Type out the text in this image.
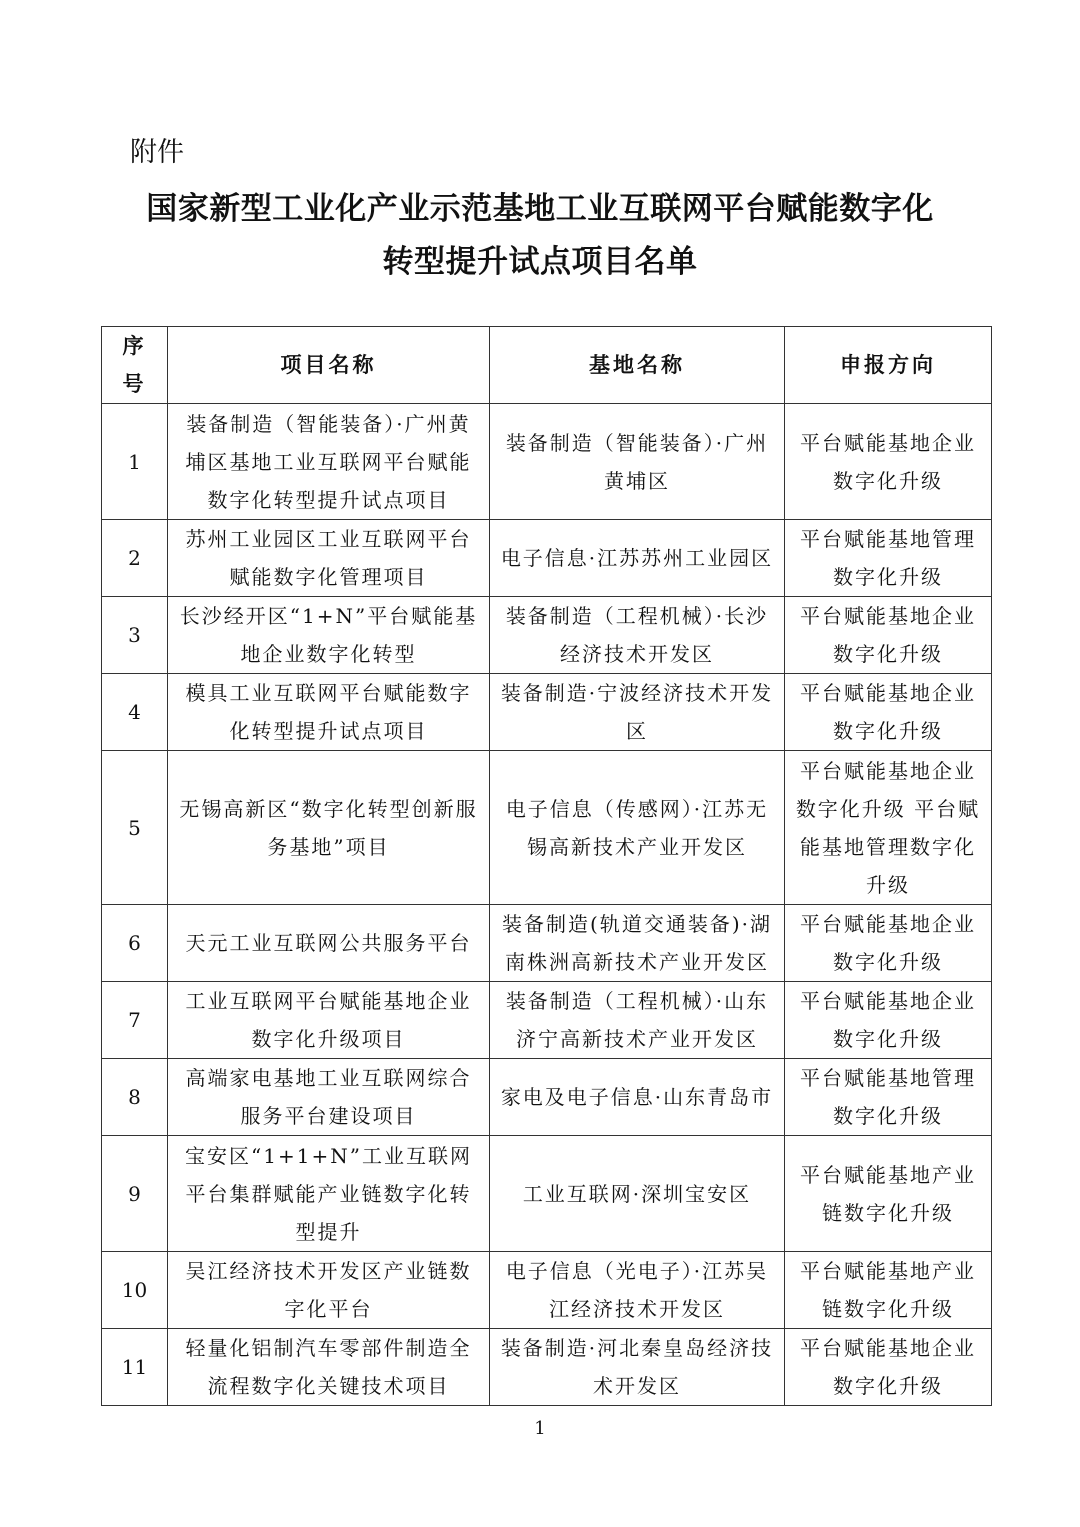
附件
国家新型工业化产业示范基地工业互联网平台赋能数字化
转型提升试点项目名单
序号	项目名称	基地名称	申报方向
1	装备制造（智能装备）·广州黄埔区基地工业互联网平台赋能数字化转型提升试点项目	装备制造（智能装备）·广州黄埔区	平台赋能基地企业数字化升级
2	苏州工业园区工业互联网平台赋能数字化管理项目	电子信息·江苏苏州工业园区	平台赋能基地管理数字化升级
3	长沙经开区“1+N”平台赋能基地企业数字化转型	装备制造（工程机械）·长沙经济技术开发区	平台赋能基地企业数字化升级
4	模具工业互联网平台赋能数字化转型提升试点项目	装备制造·宁波经济技术开发区	平台赋能基地企业数字化升级
5	无锡高新区“数字化转型创新服务基地”项目	电子信息（传感网）·江苏无锡高新技术产业开发区	平台赋能基地企业数字化升级 平台赋能基地管理数字化升级
6	天元工业互联网公共服务平台	装备制造(轨道交通装备)·湖南株洲高新技术产业开发区	平台赋能基地企业数字化升级
7	工业互联网平台赋能基地企业数字化升级项目	装备制造（工程机械）·山东济宁高新技术产业开发区	平台赋能基地企业数字化升级
8	高端家电基地工业互联网综合服务平台建设项目	家电及电子信息·山东青岛市	平台赋能基地管理数字化升级
9	宝安区“1+1+N”工业互联网平台集群赋能产业链数字化转型提升	工业互联网·深圳宝安区	平台赋能基地产业链数字化升级
10	吴江经济技术开发区产业链数字化平台	电子信息（光电子）·江苏吴江经济技术开发区	平台赋能基地产业链数字化升级
11	轻量化铝制汽车零部件制造全流程数字化关键技术项目	装备制造·河北秦皇岛经济技术开发区	平台赋能基地企业数字化升级
1
